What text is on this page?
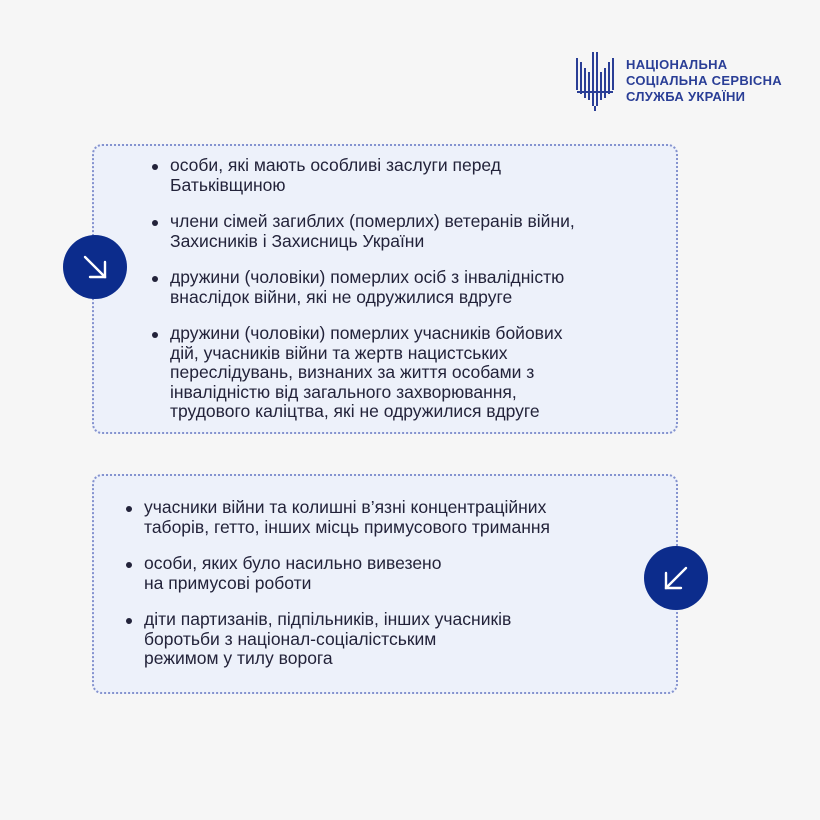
НАЦІОНАЛЬНА
СОЦІАЛЬНА СЕРВІСНА
СЛУЖБА УКРАЇНИ
особи, які мають особливі заслуги перед
Батьківщиною
члени сімей загиблих (померлих) ветеранів війни,
Захисників і Захисниць України
дружини (чоловіки) померлих осіб з інвалідністю
внаслідок війни, які не одружилися вдруге
дружини (чоловіки) померлих учасників бойових
дій, учасників війни та жертв нацистських
переслідувань, визнаних за життя особами з
інвалідністю від загального захворювання,
трудового каліцтва, які не одружилися вдруге
учасники війни та колишні в’язні концентраційних
таборів, гетто, інших місць примусового тримання
особи, яких було насильно вивезено
на примусові роботи
діти партизанів, підпільників, інших учасників
боротьби з націонал-соціалістським
режимом у тилу ворога
